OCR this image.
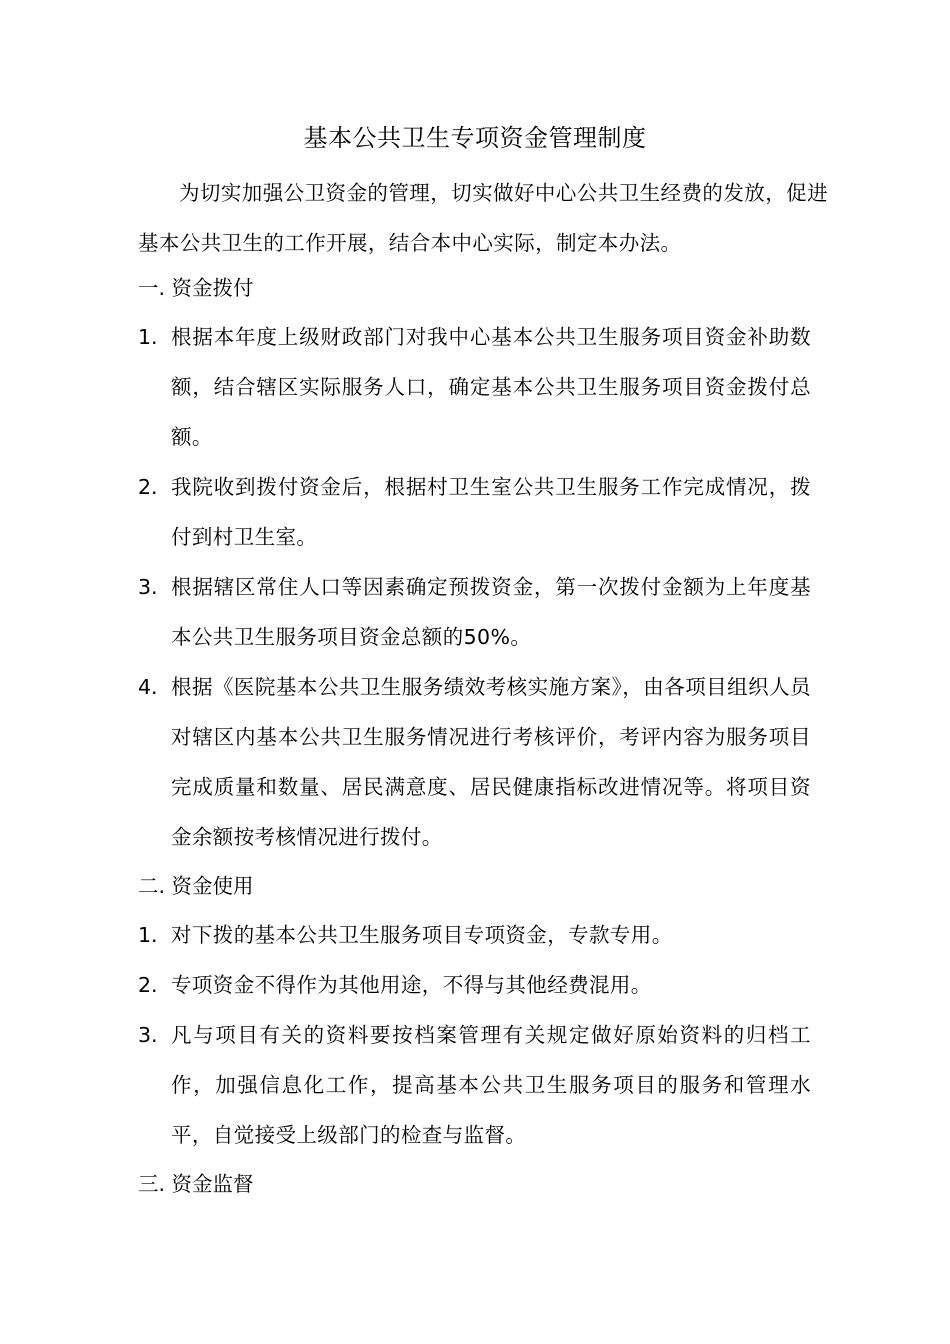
基本公共卫生专项资金管理制度
为切实加强公卫资金的管理，切实做好中心公共卫生经费的发放，促进基本公共卫生的工作开展，结合本中心实际，制定本办法。
一. 资金拨付
1. 根据本年度上级财政部门对我中心基本公共卫生服务项目资金补助数额，结合辖区实际服务人口，确定基本公共卫生服务项目资金拨付总额。
2. 我院收到拨付资金后，根据村卫生室公共卫生服务工作完成情况，拨付到村卫生室。
3. 根据辖区常住人口等因素确定预拨资金，第一次拨付金额为上年度基本公共卫生服务项目资金总额的50%。
4. 根据《医院基本公共卫生服务绩效考核实施方案》，由各项目组织人员对辖区内基本公共卫生服务情况进行考核评价，考评内容为服务项目完成质量和数量、居民满意度、居民健康指标改进情况等。将项目资金余额按考核情况进行拨付。
二. 资金使用
1. 对下拨的基本公共卫生服务项目专项资金，专款专用。
2. 专项资金不得作为其他用途，不得与其他经费混用。
3. 凡与项目有关的资料要按档案管理有关规定做好原始资料的归档工作，加强信息化工作，提高基本公共卫生服务项目的服务和管理水平，自觉接受上级部门的检查与监督。
三. 资金监督
